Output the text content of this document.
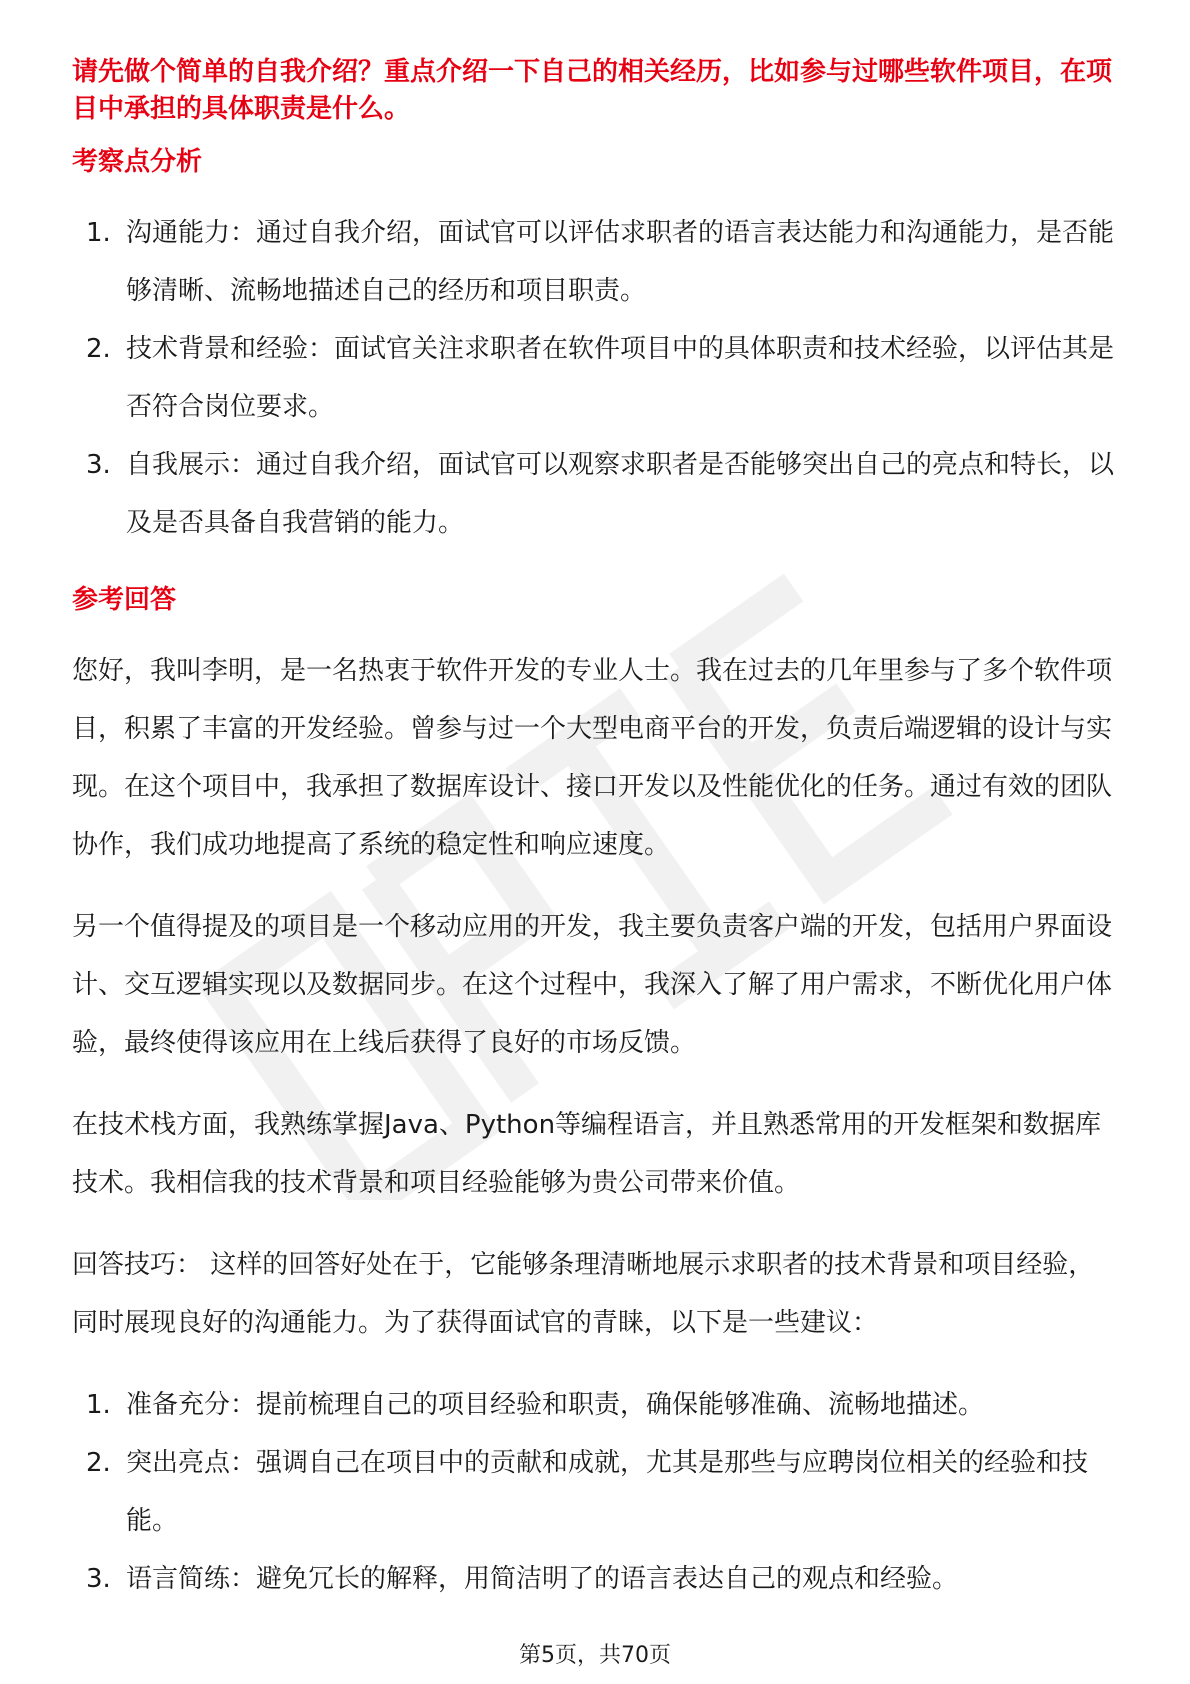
请先做个简单的自我介绍？重点介绍一下自己的相关经历，比如参与过哪些软件项目，在项目中承担的具体职责是什么。

考察点分析
1. 沟通能力：通过自我介绍，面试官可以评估求职者的语言表达能力和沟通能力，是否能够清晰、流畅地描述自己的经历和项目职责。
2. 技术背景和经验：面试官关注求职者在软件项目中的具体职责和技术经验，以评估其是否符合岗位要求。
3. 自我展示：通过自我介绍，面试官可以观察求职者是否能够突出自己的亮点和特长，以及是否具备自我营销的能力。
参考回答

您好，我叫李明，是一名热衷于软件开发的专业人士。我在过去的几年里参与了多个软件项目，积累了丰富的开发经验。曾参与过一个大型电商平台的开发，负责后端逻辑的设计与实现。在这个项目中，我承担了数据库设计、接口开发以及性能优化的任务。通过有效的团队协作，我们成功地提高了系统的稳定性和响应速度。

另一个值得提及的项目是一个移动应用的开发，我主要负责客户端的开发，包括用户界面设计、交互逻辑实现以及数据同步。在这个过程中，我深入了解了用户需求，不断优化用户体验，最终使得该应用在上线后获得了良好的市场反馈。

在技术栈方面，我熟练掌握Java、Python等编程语言，并且熟悉常用的开发框架和数据库技术。我相信我的技术背景和项目经验能够为贵公司带来价值。

回答技巧： 这样的回答好处在于，它能够条理清晰地展示求职者的技术背景和项目经验，同时展现良好的沟通能力。为了获得面试官的青睐，以下是一些建议：

1. 准备充分：提前梳理自己的项目经验和职责，确保能够准确、流畅地描述。
2. 突出亮点：强调自己在项目中的贡献和成就，尤其是那些与应聘岗位相关的经验和技能。
3. 语言简练：避免冗长的解释，用简洁明了的语言表达自己的观点和经验。
第5页，共70页
